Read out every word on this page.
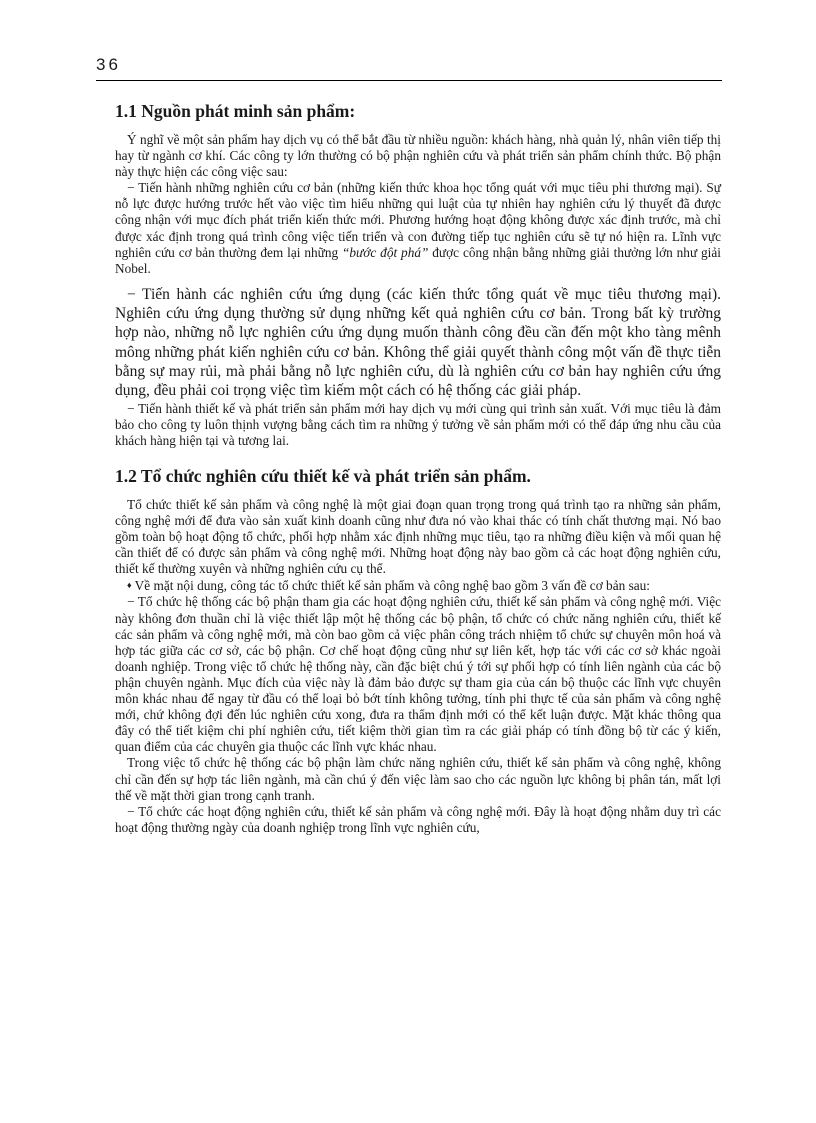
36
1.1 Nguồn phát minh sản phẩm:

Ý nghĩ về một sản phẩm hay dịch vụ có thể bắt đầu từ nhiều nguồn: khách hàng, nhà quản lý, nhân viên tiếp thị hay từ ngành cơ khí. Các công ty lớn thường có bộ phận nghiên cứu và phát triển sản phẩm chính thức. Bộ phận này thực hiện các công việc sau:

− Tiến hành những nghiên cứu cơ bản (những kiến thức khoa học tổng quát với mục tiêu phi thương mại). Sự nỗ lực được hướng trước hết vào việc tìm hiểu những qui luật của tự nhiên hay nghiên cứu lý thuyết đã được công nhận với mục đích phát triển kiến thức mới. Phương hướng hoạt động không được xác định trước, mà chỉ được xác định trong quá trình công việc tiến triển và con đường tiếp tục nghiên cứu sẽ tự nó hiện ra. Lĩnh vực nghiên cứu cơ bản thường đem lại những “bước đột phá” được công nhận bằng những giải thưởng lớn như giải Nobel.

− Tiến hành các nghiên cứu ứng dụng (các kiến thức tổng quát về mục tiêu thương mại). Nghiên cứu ứng dụng thường sử dụng những kết quả nghiên cứu cơ bản. Trong bất kỳ trường hợp nào, những nỗ lực nghiên cứu ứng dụng muốn thành công đều cần đến một kho tàng mênh mông những phát kiến nghiên cứu cơ bản. Không thể giải quyết thành công một vấn đề thực tiễn bằng sự may rủi, mà phải bằng nỗ lực nghiên cứu, dù là nghiên cứu cơ bản hay nghiên cứu ứng dụng, đều phải coi trọng việc tìm kiếm một cách có hệ thống các giải pháp.

− Tiến hành thiết kế và phát triển sản phẩm mới hay dịch vụ mới cùng qui trình sản xuất. Với mục tiêu là đảm bảo cho công ty luôn thịnh vượng bằng cách tìm ra những ý tưởng về sản phẩm mới có thể đáp ứng nhu cầu của khách hàng hiện tại và tương lai.

1.2 Tổ chức nghiên cứu thiết kế và phát triển sản phẩm.

Tổ chức thiết kế sản phẩm và công nghệ là một giai đoạn quan trọng trong quá trình tạo ra những sản phẩm, công nghệ mới để đưa vào sản xuất kinh doanh cũng như đưa nó vào khai thác có tính chất thương mại. Nó bao gồm toàn bộ hoạt động tổ chức, phối hợp nhằm xác định những mục tiêu, tạo ra những điều kiện và mối quan hệ cần thiết để có được sản phẩm và công nghệ mới. Những hoạt động này bao gồm cả các hoạt động nghiên cứu, thiết kế thường xuyên và những nghiên cứu cụ thể.

♦ Về mặt nội dung, công tác tổ chức thiết kế sản phẩm và công nghệ bao gồm 3 vấn đề cơ bản sau:

− Tổ chức hệ thống các bộ phận tham gia các hoạt động nghiên cứu, thiết kế sản phẩm và công nghệ mới. Việc này không đơn thuần chỉ là việc thiết lập một hệ thống các bộ phận, tổ chức có chức năng nghiên cứu, thiết kế các sản phẩm và công nghệ mới, mà còn bao gồm cả việc phân công trách nhiệm tổ chức sự chuyên môn hoá và hợp tác giữa các cơ sở, các bộ phận. Cơ chế hoạt động cũng như sự liên kết, hợp tác với các cơ sở khác ngoài doanh nghiệp. Trong việc tổ chức hệ thống này, cần đặc biệt chú ý tới sự phối hợp có tính liên ngành của các bộ phận chuyên ngành. Mục đích của việc này là đảm bảo được sự tham gia của cán bộ thuộc các lĩnh vực chuyên môn khác nhau để ngay từ đầu có thể loại bỏ bớt tính không tưởng, tính phi thực tế của sản phẩm và công nghệ mới, chứ không đợi đến lúc nghiên cứu xong, đưa ra thẩm định mới có thể kết luận được. Mặt khác thông qua đây có thể tiết kiệm chi phí nghiên cứu, tiết kiệm thời gian tìm ra các giải pháp có tính đồng bộ từ các ý kiến, quan điểm của các chuyên gia thuộc các lĩnh vực khác nhau.

Trong việc tổ chức hệ thống các bộ phận làm chức năng nghiên cứu, thiết kế sản phẩm và công nghệ, không chỉ cần đến sự hợp tác liên ngành, mà cần chú ý đến việc làm sao cho các nguồn lực không bị phân tán, mất lợi thế về mặt thời gian trong cạnh tranh.

− Tổ chức các hoạt động nghiên cứu, thiết kế sản phẩm và công nghệ mới. Đây là hoạt động nhằm duy trì các hoạt động thường ngày của doanh nghiệp trong lĩnh vực nghiên cứu,
